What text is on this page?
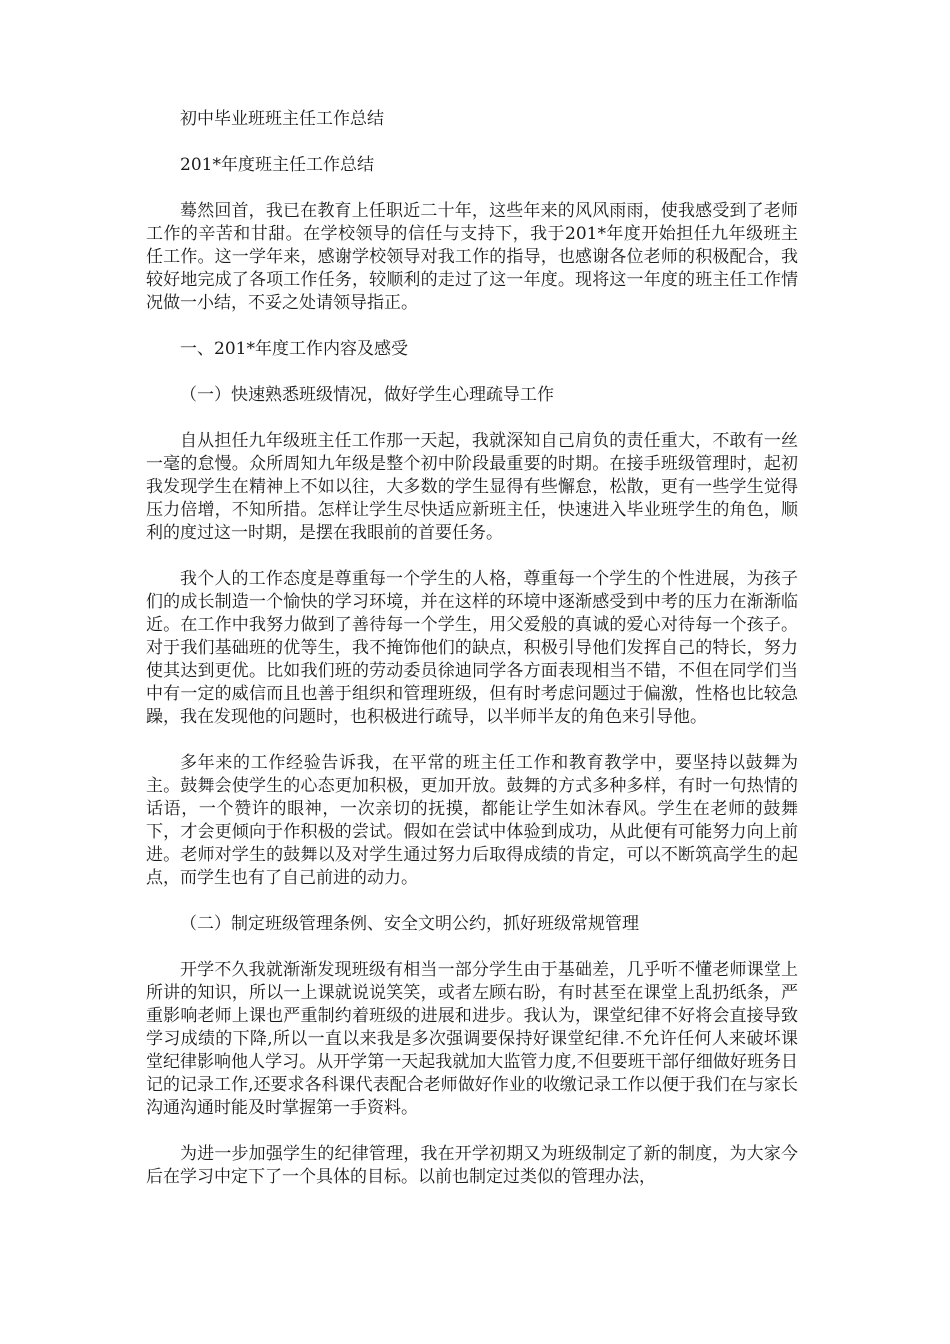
初中毕业班班主任工作总结

201*年度班主任工作总结

蓦然回首，我已在教育上任职近二十年，这些年来的风风雨雨，使我感受到了老师工作的辛苦和甘甜。在学校领导的信任与支持下，我于201*年度开始担任九年级班主任工作。这一学年来，感谢学校领导对我工作的指导，也感谢各位老师的积极配合，我较好地完成了各项工作任务，较顺利的走过了这一年度。现将这一年度的班主任工作情况做一小结，不妥之处请领导指正。

一、201*年度工作内容及感受

（一）快速熟悉班级情况，做好学生心理疏导工作

自从担任九年级班主任工作那一天起，我就深知自己肩负的责任重大，不敢有一丝一毫的怠慢。众所周知九年级是整个初中阶段最重要的时期。在接手班级管理时，起初我发现学生在精神上不如以往，大多数的学生显得有些懈怠，松散，更有一些学生觉得压力倍增，不知所措。怎样让学生尽快适应新班主任，快速进入毕业班学生的角色，顺利的度过这一时期，是摆在我眼前的首要任务。

我个人的工作态度是尊重每一个学生的人格，尊重每一个学生的个性进展，为孩子们的成长制造一个愉快的学习环境，并在这样的环境中逐渐感受到中考的压力在渐渐临近。在工作中我努力做到了善待每一个学生，用父爱般的真诚的爱心对待每一个孩子。对于我们基础班的优等生，我不掩饰他们的缺点，积极引导他们发挥自己的特长，努力使其达到更优。比如我们班的劳动委员徐迪同学各方面表现相当不错，不但在同学们当中有一定的威信而且也善于组织和管理班级，但有时考虑问题过于偏激，性格也比较急躁，我在发现他的问题时，也积极进行疏导，以半师半友的角色来引导他。

多年来的工作经验告诉我，在平常的班主任工作和教育教学中，要坚持以鼓舞为主。鼓舞会使学生的心态更加积极，更加开放。鼓舞的方式多种多样，有时一句热情的话语，一个赞许的眼神，一次亲切的抚摸，都能让学生如沐春风。学生在老师的鼓舞下，才会更倾向于作积极的尝试。假如在尝试中体验到成功，从此便有可能努力向上前进。老师对学生的鼓舞以及对学生通过努力后取得成绩的肯定，可以不断筑高学生的起点，而学生也有了自己前进的动力。

（二）制定班级管理条例、安全文明公约，抓好班级常规管理

开学不久我就渐渐发现班级有相当一部分学生由于基础差，几乎听不懂老师课堂上所讲的知识，所以一上课就说说笑笑，或者左顾右盼，有时甚至在课堂上乱扔纸条，严重影响老师上课也严重制约着班级的进展和进步。我认为，课堂纪律不好将会直接导致学习成绩的下降,所以一直以来我是多次强调要保持好课堂纪律.不允许任何人来破坏课堂纪律影响他人学习。从开学第一天起我就加大监管力度,不但要班干部仔细做好班务日记的记录工作,还要求各科课代表配合老师做好作业的收缴记录工作以便于我们在与家长沟通沟通时能及时掌握第一手资料。

为进一步加强学生的纪律管理，我在开学初期又为班级制定了新的制度，为大家今后在学习中定下了一个具体的目标。以前也制定过类似的管理办法，
